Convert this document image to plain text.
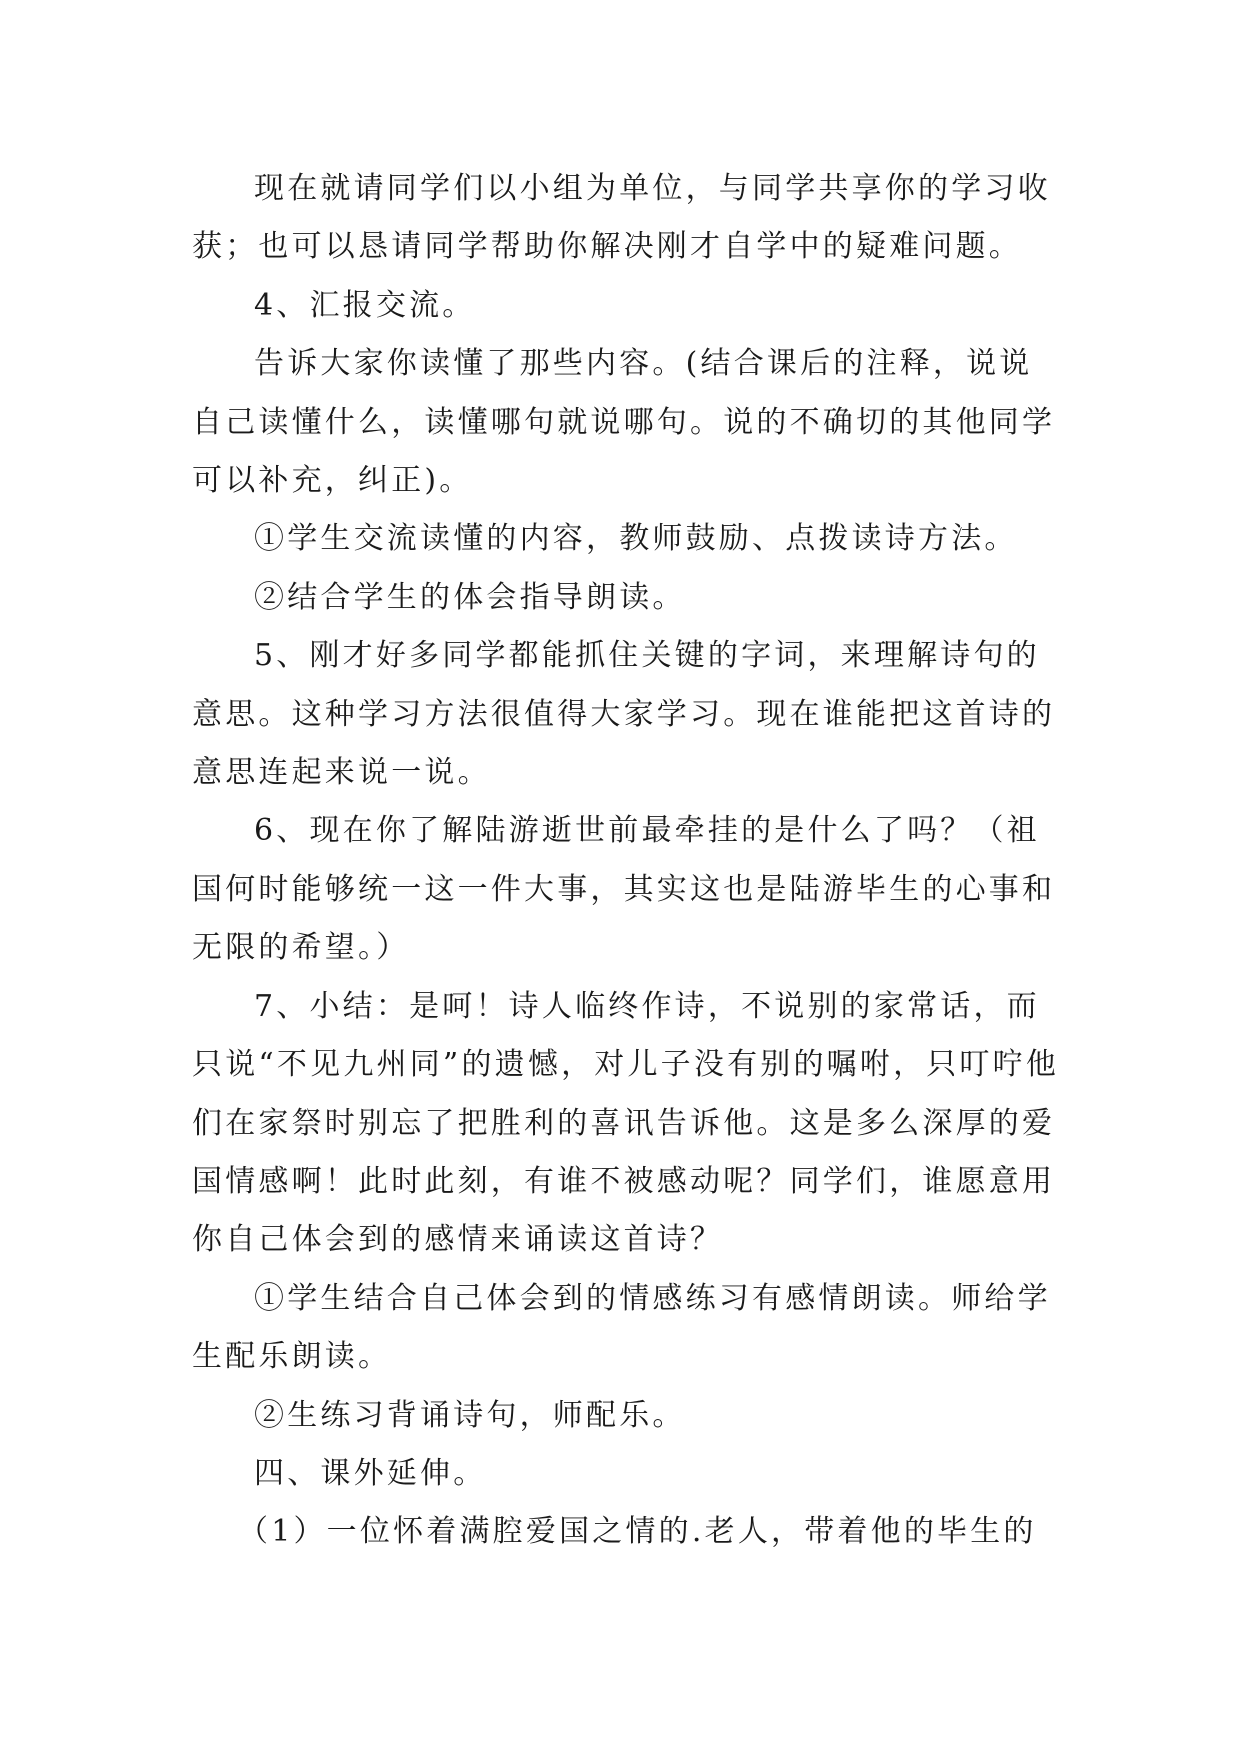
现在就请同学们以小组为单位，与同学共享你的学习收获；也可以恳请同学帮助你解决刚才自学中的疑难问题。

4、汇报交流。

告诉大家你读懂了那些内容。(结合课后的注释，说说自己读懂什么，读懂哪句就说哪句。说的不确切的其他同学可以补充，纠正)。

①学生交流读懂的内容，教师鼓励、点拨读诗方法。

②结合学生的体会指导朗读。

5、刚才好多同学都能抓住关键的字词，来理解诗句的意思。这种学习方法很值得大家学习。现在谁能把这首诗的意思连起来说一说。

6、现在你了解陆游逝世前最牵挂的是什么了吗？（祖国何时能够统一这一件大事，其实这也是陆游毕生的心事和无限的希望。）

7、小结：是呵！诗人临终作诗，不说别的家常话，而只说“不见九州同”的遗憾，对儿子没有别的嘱咐，只叮咛他们在家祭时别忘了把胜利的喜讯告诉他。这是多么深厚的爱国情感啊！此时此刻，有谁不被感动呢？同学们，谁愿意用你自己体会到的感情来诵读这首诗？

①学生结合自己体会到的情感练习有感情朗读。师给学生配乐朗读。

②生练习背诵诗句，师配乐。

四、课外延伸。

（1）一位怀着满腔爱国之情的.老人，带着他的毕生的
